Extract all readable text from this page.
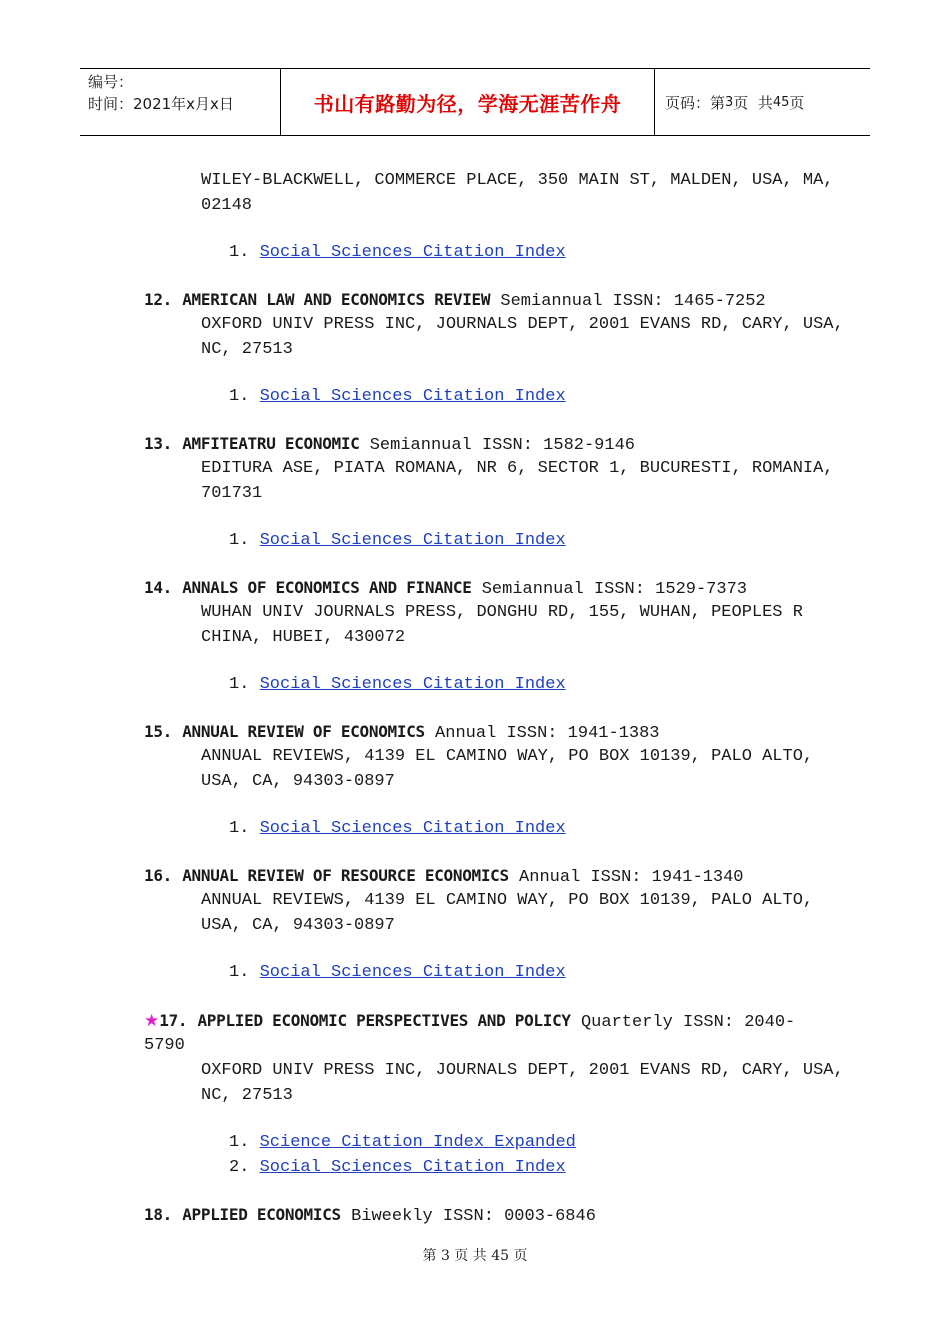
编号：
时间：2021年x月x日	书山有路勤为径，学海无涯苦作舟	页码：第 3 页  共 45 页
WILEY-BLACKWELL, COMMERCE PLACE, 350 MAIN ST, MALDEN, USA, MA,
02148
1. Social Sciences Citation Index
12. AMERICAN LAW AND ECONOMICS REVIEW Semiannual ISSN: 1465-7252
OXFORD UNIV PRESS INC, JOURNALS DEPT, 2001 EVANS RD, CARY, USA,
NC, 27513
1. Social Sciences Citation Index
13. AMFITEATRU ECONOMIC Semiannual ISSN: 1582-9146
EDITURA ASE, PIATA ROMANA, NR 6, SECTOR 1, BUCURESTI, ROMANIA,
701731
1. Social Sciences Citation Index
14. ANNALS OF ECONOMICS AND FINANCE Semiannual ISSN: 1529-7373
WUHAN UNIV JOURNALS PRESS, DONGHU RD, 155, WUHAN, PEOPLES R
CHINA, HUBEI, 430072
1. Social Sciences Citation Index
15. ANNUAL REVIEW OF ECONOMICS Annual ISSN: 1941-1383
ANNUAL REVIEWS, 4139 EL CAMINO WAY, PO BOX 10139, PALO ALTO,
USA, CA, 94303-0897
1. Social Sciences Citation Index
16. ANNUAL REVIEW OF RESOURCE ECONOMICS Annual ISSN: 1941-1340
ANNUAL REVIEWS, 4139 EL CAMINO WAY, PO BOX 10139, PALO ALTO,
USA, CA, 94303-0897
1. Social Sciences Citation Index
★17. APPLIED ECONOMIC PERSPECTIVES AND POLICY Quarterly ISSN: 2040-
5790
OXFORD UNIV PRESS INC, JOURNALS DEPT, 2001 EVANS RD, CARY, USA,
NC, 27513
1. Science Citation Index Expanded
2. Social Sciences Citation Index
18. APPLIED ECONOMICS Biweekly ISSN: 0003-6846
第 3 页 共 45 页
